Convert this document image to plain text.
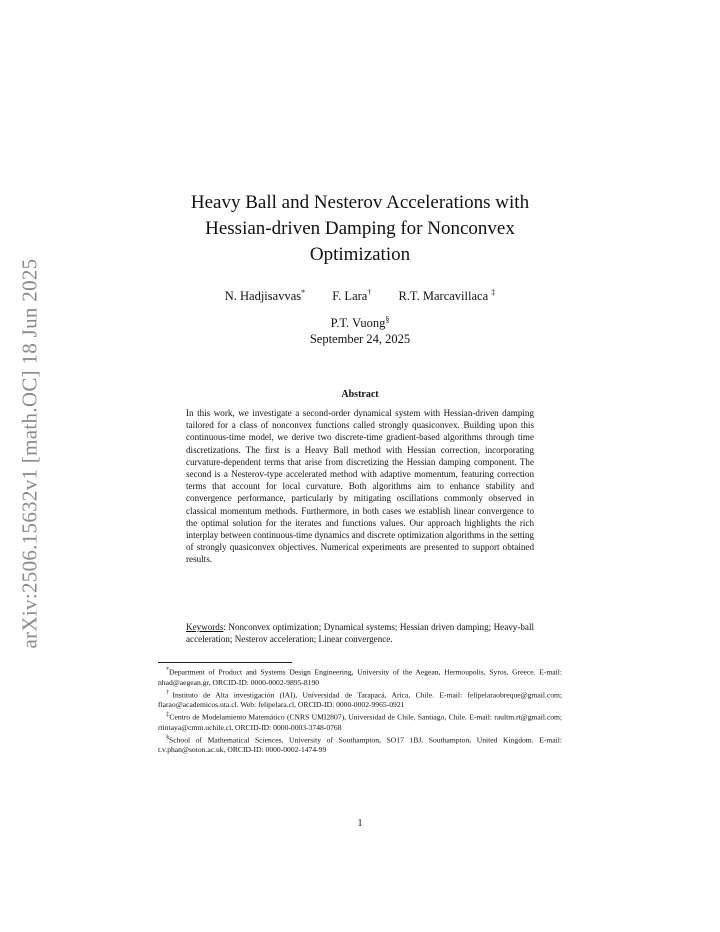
arXiv:2506.15632v1 [math.OC] 18 Jun 2025
Heavy Ball and Nesterov Accelerations with
Hessian-driven Damping for Nonconvex
Optimization
N. Hadjisavvas* F. Lara† R.T. Marcavillaca ‡
P.T. Vuong§
September 24, 2025
Abstract

In this work, we investigate a second-order dynamical system with Hessian-driven damping tailored for a class of nonconvex functions called strongly quasiconvex. Building upon this continuous-time model, we derive two discrete-time gradient-based algorithms through time discretizations. The first is a Heavy Ball method with Hessian correction, incorporating curvature-dependent terms that arise from discretizing the Hessian damping component. The second is a Nesterov-type accelerated method with adaptive momentum, featuring correction terms that account for local curvature. Both algorithms aim to enhance stability and convergence performance, particularly by mitigating oscillations commonly observed in classical momentum methods. Furthermore, in both cases we establish linear convergence to the optimal solution for the iterates and functions values. Our approach highlights the rich interplay between continuous-time dynamics and discrete optimization algorithms in the setting of strongly quasiconvex objectives. Numerical experiments are presented to support obtained results.

Keywords: Nonconvex optimization; Dynamical systems; Hessian driven damping; Heavy-ball acceleration; Nesterov acceleration; Linear convergence.

*Department of Product and Systems Design Engineering, University of the Aegean, Hermoupolis, Syros, Greece. E-mail: nhad@aegean.gr, ORCID-ID: 0000-0002-9895-8190

†Instituto de Alta investigación (IAI), Universidad de Tarapacá, Arica, Chile. E-mail: felipelaraobreque@gmail.com; flarao@academicos.uta.cl. Web: felipelara.cl, ORCID-ID: 0000-0002-9965-0921

‡Centro de Modelamiento Matemático (CNRS UMI2807), Universidad de Chile, Santiago, Chile. E-mail: raultm.rt@gmail.com; rtintaya@cmm.uchile.cl, ORCID-ID: 0000-0003-3748-0768

§School of Mathematical Sciences, University of Southampton, SO17 1BJ, Southampton, United Kingdom. E-mail: t.v.phan@soton.ac.uk, ORCID-ID: 0000-0002-1474-99

1
